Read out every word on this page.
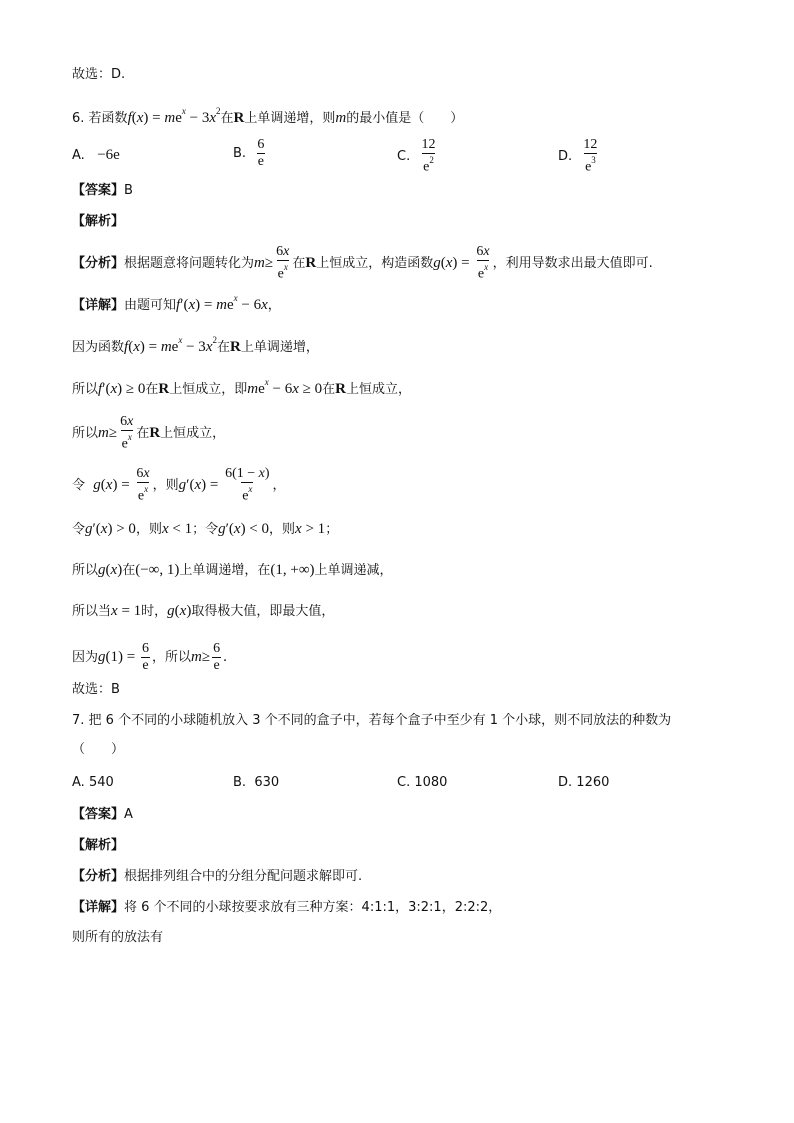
故选：D.
6. 若函数$f(x) = me^x - 3x^2$在R上单调递增，则m的最小值是（　　）
A. −6e	B. $\frac{6}{e}$	C. $\frac{12}{e^2}$	D. $\frac{12}{e^3}$
【答案】B
【解析】
【分析】根据题意将问题转化为$m\ge \frac{6x}{e^x}$ 在R上恒成立，构造函数$g(x) = \frac{6x}{e^x}$ ，利用导数求出最大值即可.
【详解】由题可知$f'(x) = me^x - 6x$，
因为函数$f(x) = me^x - 3x^2$在R上单调递增，
所以f′(x) ≥ 0在R上恒成立，即$me^x - 6x \ge 0$在R上恒成立，
所以$m\ge \frac{6x}{e^x}$ 在R上恒成立，
令 $g(x) = \frac{6x}{e^x}$ ，则$g'(x) = \frac{6(1 - x)}{e^x}$ ，
令g′(x) > 0，则x < 1；令g′(x) < 0，则x > 1；
所以g(x)在(−∞, 1)上单调递增，在(1, +∞)上单调递减，
所以当x = 1时，g(x)取得极大值，即最大值，
因为$g(1) = \frac{6}{e}$ ，所以$m\ge \frac{6}{e}$ .
故选：B
7. 把 6 个不同的小球随机放入 3 个不同的盒子中，若每个盒子中至少有 1 个小球，则不同放法的种数为
（　　）
A. 540	B. 630	C. 1080	D. 1260
【答案】A
【解析】
【分析】根据排列组合中的分组分配问题求解即可.
【详解】将 6 个不同的小球按要求放有三种方案：4:1:1，3:2:1，2:2:2，
则所有的放法有
